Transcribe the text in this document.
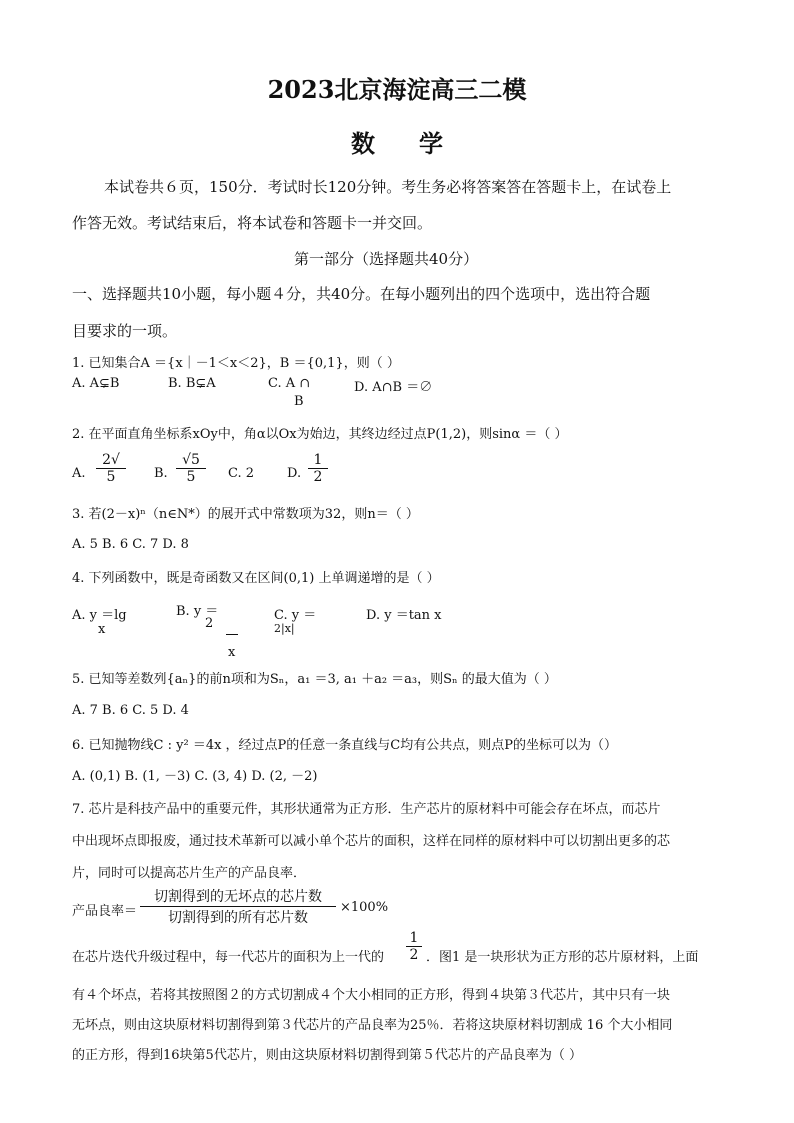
2023北京海淀高三二模
数学
本试卷共６页，150分．考试时长120分钟。考生务必将答案答在答题卡上，在试卷上
作答无效。考试结束后，将本试卷和答题卡一并交回。
第一部分（选择题共40分）
一、选择题共10小题，每小题４分，共40分。在每小题列出的四个选项中，选出符合题
目要求的一项。
1. 已知集合A ＝{x｜－1＜x＜2}，B ＝{0,1}，则（ ）
A. A⊊B	B. B⊊A	C. A ∩
B
D. A∩B ＝∅
2. 在平面直角坐标系xOy中，角α以Ox为始边，其终边经过点P(1,2)，则sinα ＝（ ）
A. $\frac{2√}{5} B$. $\frac{√5}{5} C$. 2	D. $\frac{1}{2}$
3. 若(2－x)ⁿ（n∈N*）的展开式中常数项为32，则n＝（ ）
A. 5 B. 6 C. 7 D. 8
4. 下列函数中，既是奇函数又在区间(0,1) 上单调递增的是（ ）
A. y ＝lg
x
B. y ＝
2
x
C. y ＝
2|x|
D. y ＝tan x
5. 已知等差数列{aₙ}的前n项和为Sₙ，a₁ ＝3, a₁ ＋a₂ ＝a₃，则Sₙ 的最大值为（ ）
A. 7 B. 6 C. 5 D. 4
6. 已知抛物线C : y² ＝4x ，经过点P的任意一条直线与C均有公共点，则点P的坐标可以为（）
A. (0,1) B. (1, －3) C. (3, 4) D. (2, －2)
7. 芯片是科技产品中的重要元件，其形状通常为正方形．生产芯片的原材料中可能会存在坏点，而芯片
中出现坏点即报废，通过技术革新可以减小单个芯片的面积，这样在同样的原材料中可以切割出更多的芯
片，同时可以提高芯片生产的产品良率．
产品良率＝
切割得到的无坏点的芯片数
切割得到的所有芯片数
×100%
在芯片迭代升级过程中，每一代芯片的面积为上一代的 $\frac{1}{2}$ ．图1 是一块形状为正方形的芯片原材料，上面
有４个坏点，若将其按照图２的方式切割成４个大小相同的正方形，得到４块第３代芯片，其中只有一块
无坏点，则由这块原材料切割得到第３代芯片的产品良率为25％．若将这块原材料切割成 16 个大小相同
的正方形，得到16块第5代芯片，则由这块原材料切割得到第５代芯片的产品良率为（ ）
